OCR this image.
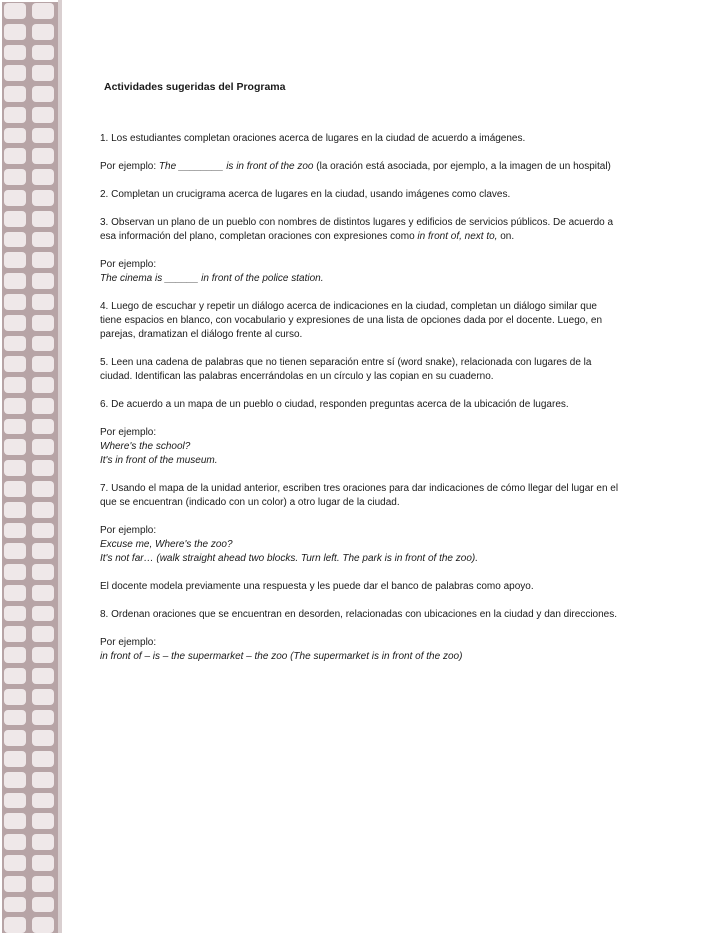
Actividades sugeridas del Programa

1. Los estudiantes completan oraciones acerca de lugares en la ciudad de acuerdo a imágenes.

Por ejemplo: The ________ is in front of the zoo (la oración está asociada, por ejemplo, a la imagen de un hospital)

2. Completan un crucigrama acerca de lugares en la ciudad, usando imágenes como claves.

3. Observan un plano de un pueblo con nombres de distintos lugares y edificios de servicios públicos. De acuerdo a esa información del plano, completan oraciones con expresiones como in front of, next to, on.

Por ejemplo:
The cinema is ______ in front of the police station.

4. Luego de escuchar y repetir un diálogo acerca de indicaciones en la ciudad, completan un diálogo similar que tiene espacios en blanco, con vocabulario y expresiones de una lista de opciones dada por el docente. Luego, en parejas, dramatizan el diálogo frente al curso.

5. Leen una cadena de palabras que no tienen separación entre sí (word snake), relacionada con lugares de la ciudad. Identifican las palabras encerrándolas en un círculo y las copian en su cuaderno.

6. De acuerdo a un mapa de un pueblo o ciudad, responden preguntas acerca de la ubicación de lugares.

Por ejemplo:
Where's the school?
It's in front of the museum.

7. Usando el mapa de la unidad anterior, escriben tres oraciones para dar indicaciones de cómo llegar del lugar en el que se encuentran (indicado con un color) a otro lugar de la ciudad.

Por ejemplo:
Excuse me, Where's the zoo?
It's not far… (walk straight ahead two blocks. Turn left. The park is in front of the zoo).

El docente modela previamente una respuesta y les puede dar el banco de palabras como apoyo.

8. Ordenan oraciones que se encuentran en desorden, relacionadas con ubicaciones en la ciudad y dan direcciones.

Por ejemplo:
in front of – is – the supermarket – the zoo (The supermarket is in front of the zoo)
